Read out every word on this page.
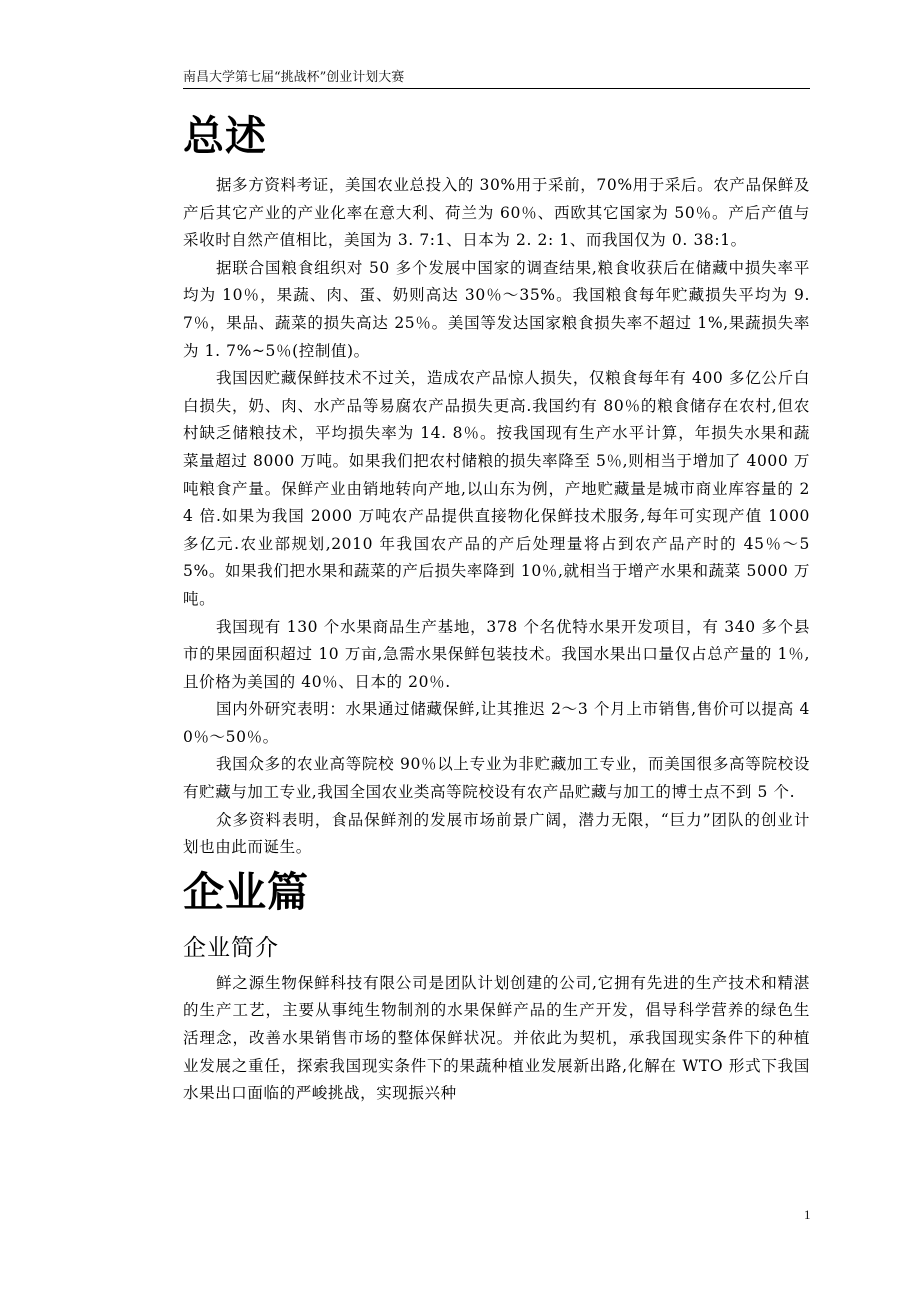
南昌大学第七届“挑战杯”创业计划大赛
总述

据多方资料考证，美国农业总投入的 30%用于采前，70%用于采后。农产品保鲜及产后其它产业的产业化率在意大利、荷兰为 60％、西欧其它国家为 50％。产后产值与采收时自然产值相比，美国为 3. 7:1、日本为 2. 2: 1、而我国仅为 0. 38:1。

据联合国粮食组织对 50 多个发展中国家的调查结果,粮食收获后在储藏中损失率平均为 10％，果蔬、肉、蛋、奶则高达 30％～35%。我国粮食每年贮藏损失平均为 9. 7％，果品、蔬菜的损失高达 25％。美国等发达国家粮食损失率不超过 1%,果蔬损失率为 1. 7%~5％(控制值)。

我国因贮藏保鲜技术不过关，造成农产品惊人损失，仅粮食每年有 400 多亿公斤白白损失，奶、肉、水产品等易腐农产品损失更高.我国约有 80％的粮食储存在农村,但农村缺乏储粮技术，平均损失率为 14. 8％。按我国现有生产水平计算，年损失水果和蔬菜量超过 8000 万吨。如果我们把农村储粮的损失率降至 5％,则相当于增加了 4000 万吨粮食产量。保鲜产业由销地转向产地,以山东为例，产地贮藏量是城市商业库容量的 24 倍.如果为我国 2000 万吨农产品提供直接物化保鲜技术服务,每年可实现产值 1000 多亿元.农业部规划,2010 年我国农产品的产后处理量将占到农产品产时的 45％～55%。如果我们把水果和蔬菜的产后损失率降到 10％,就相当于增产水果和蔬菜 5000 万吨。

我国现有 130 个水果商品生产基地，378 个名优特水果开发项目，有 340 多个县市的果园面积超过 10 万亩,急需水果保鲜包装技术。我国水果出口量仅占总产量的 1％,且价格为美国的 40％、日本的 20％.

国内外研究表明：水果通过储藏保鲜,让其推迟 2～3 个月上市销售,售价可以提高 40％～50％。

我国众多的农业高等院校 90％以上专业为非贮藏加工专业，而美国很多高等院校设有贮藏与加工专业,我国全国农业类高等院校设有农产品贮藏与加工的博士点不到 5 个.

众多资料表明，食品保鲜剂的发展市场前景广阔，潜力无限，“巨力”团队的创业计划也由此而诞生。

企业篇
企业简介

鲜之源生物保鲜科技有限公司是团队计划创建的公司,它拥有先进的生产技术和精湛的生产工艺，主要从事纯生物制剂的水果保鲜产品的生产开发，倡导科学营养的绿色生活理念，改善水果销售市场的整体保鲜状况。并依此为契机，承我国现实条件下的种植业发展之重任，探索我国现实条件下的果蔬种植业发展新出路,化解在 WTO 形式下我国水果出口面临的严峻挑战，实现振兴种

1
